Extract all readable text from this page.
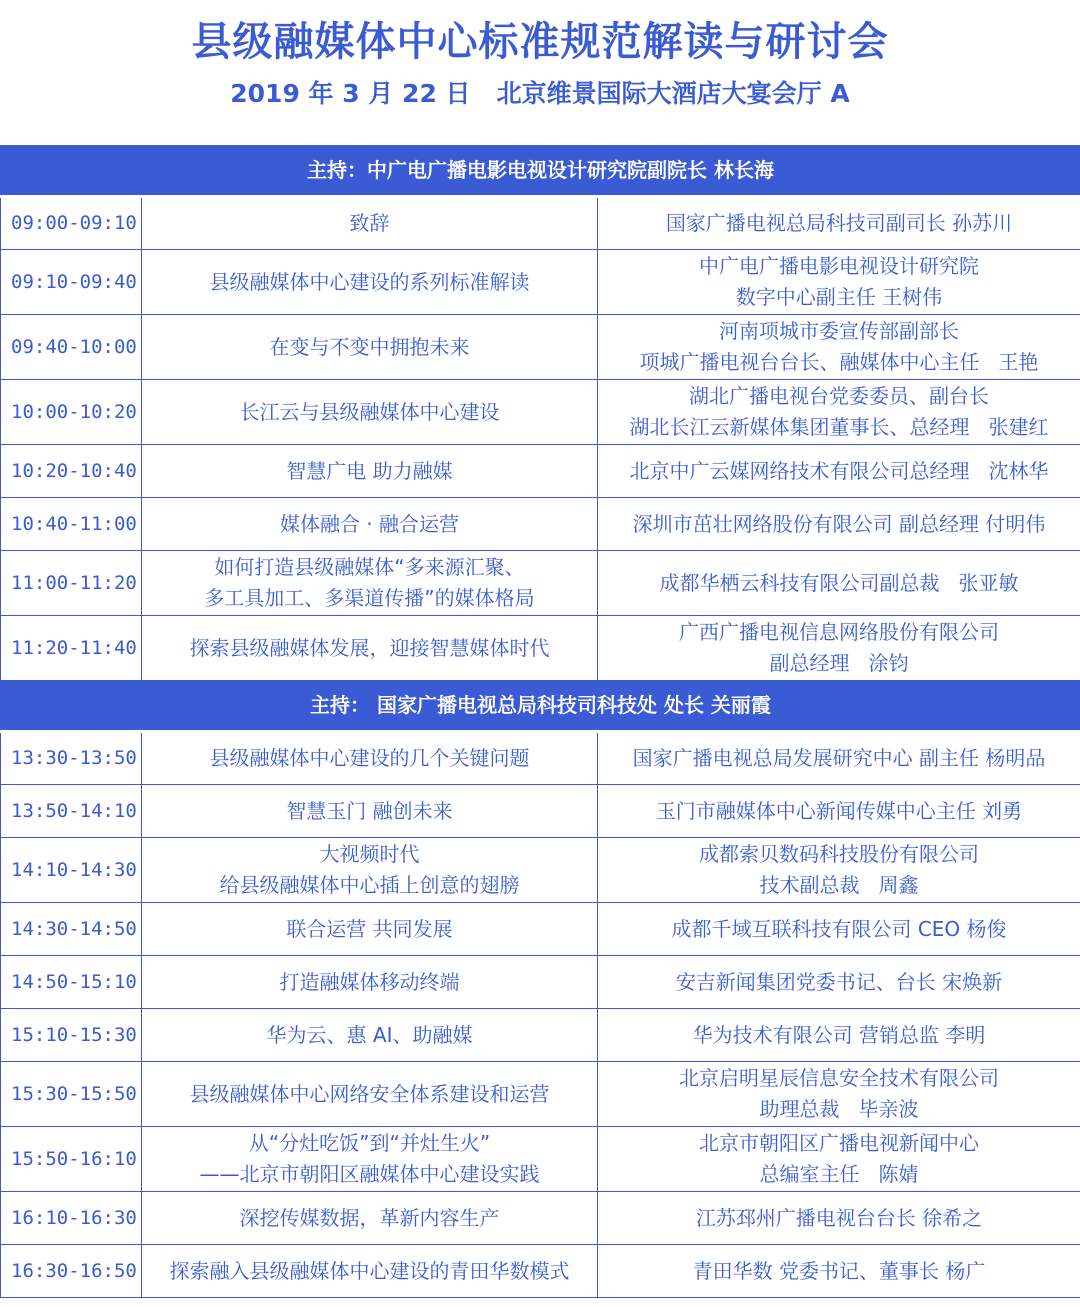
县级融媒体中心标准规范解读与研讨会
2019 年 3 月 22 日   北京维景国际大酒店大宴会厅 A
主持：中广电广播电影电视设计研究院副院长 林长海		
09:00-09:10	致辞	国家广播电视总局科技司副司长 孙苏川

09:10-09:40	县级融媒体中心建设的系列标准解读	中广电广播电影电视设计研究院
数字中心副主任 王树伟

09:40-10:00	在变与不变中拥抱未来	河南项城市委宣传部副部长
项城广播电视台台长、融媒体中心主任   王艳

10:00-10:20	长江云与县级融媒体中心建设	湖北广播电视台党委委员、副台长
湖北长江云新媒体集团董事长、总经理   张建红

10:20-10:40	智慧广电 助力融媒	北京中广云媒网络技术有限公司总经理   沈林华

10:40-11:00	媒体融合 · 融合运营	深圳市茁壮网络股份有限公司 副总经理 付明伟

11:00-11:20	如何打造县级融媒体“多来源汇聚、
多工具加工、多渠道传播”的媒体格局	成都华栖云科技有限公司副总裁   张亚敏

11:20-11:40	探索县级融媒体发展，迎接智慧媒体时代	广西广播电视信息网络股份有限公司
副总经理   涂钧

主持： 国家广播电视总局科技司科技处 处长 关丽霞		
13:30-13:50	县级融媒体中心建设的几个关键问题	国家广播电视总局发展研究中心 副主任 杨明品

13:50-14:10	智慧玉门 融创未来	玉门市融媒体中心新闻传媒中心主任 刘勇

14:10-14:30	大视频时代
给县级融媒体中心插上创意的翅膀	成都索贝数码科技股份有限公司
技术副总裁   周鑫

14:30-14:50	联合运营 共同发展	成都千域互联科技有限公司 CEO 杨俊

14:50-15:10	打造融媒体移动终端	安吉新闻集团党委书记、台长 宋焕新

15:10-15:30	华为云、惠 AI、助融媒	华为技术有限公司 营销总监 李明

15:30-15:50	县级融媒体中心网络安全体系建设和运营	北京启明星辰信息安全技术有限公司
助理总裁   毕亲波

15:50-16:10	从“分灶吃饭”到“并灶生火”
——北京市朝阳区融媒体中心建设实践	北京市朝阳区广播电视新闻中心
总编室主任   陈婧

16:10-16:30	深挖传媒数据，革新内容生产	江苏邳州广播电视台台长 徐希之

16:30-16:50	探索融入县级融媒体中心建设的青田华数模式	青田华数 党委书记、董事长 杨广
